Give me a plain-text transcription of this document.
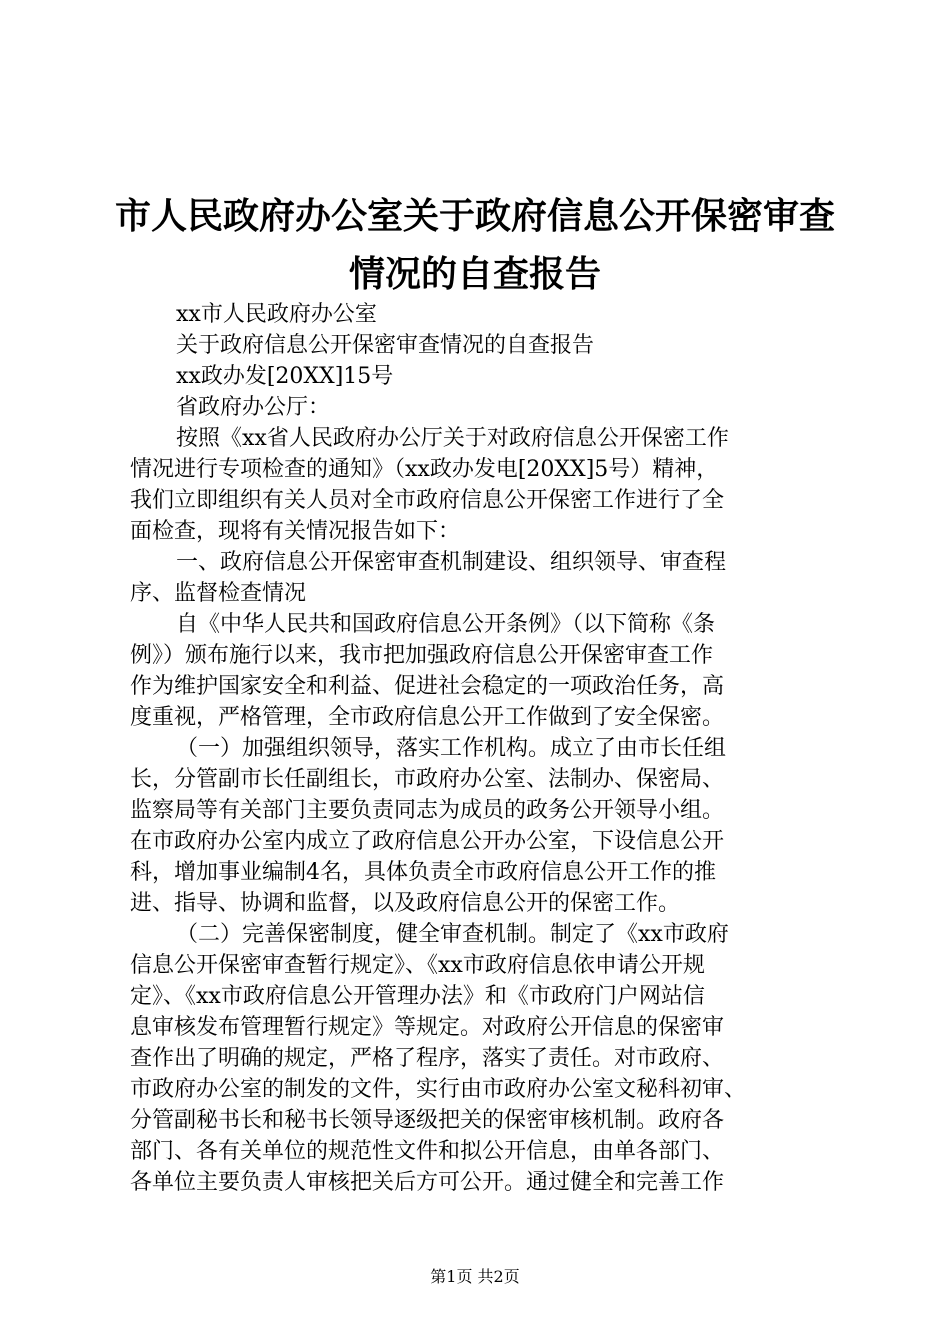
市人民政府办公室关于政府信息公开保密审查
情况的自查报告
xx市人民政府办公室
关于政府信息公开保密审查情况的自查报告
xx政办发[20XX]15号
省政府办公厅：
按照《xx省人民政府办公厅关于对政府信息公开保密工作
情况进行专项检查的通知》（xx政办发电[20XX]5号）精神，
我们立即组织有关人员对全市政府信息公开保密工作进行了全
面检查，现将有关情况报告如下：
一、政府信息公开保密审查机制建设、组织领导、审查程
序、监督检查情况
自《中华人民共和国政府信息公开条例》（以下简称《条
例》）颁布施行以来，我市把加强政府信息公开保密审查工作
作为维护国家安全和利益、促进社会稳定的一项政治任务，高
度重视，严格管理，全市政府信息公开工作做到了安全保密。
（一）加强组织领导，落实工作机构。成立了由市长任组
长，分管副市长任副组长，市政府办公室、法制办、保密局、
监察局等有关部门主要负责同志为成员的政务公开领导小组。
在市政府办公室内成立了政府信息公开办公室，下设信息公开
科，增加事业编制4名，具体负责全市政府信息公开工作的推
进、指导、协调和监督，以及政府信息公开的保密工作。
（二）完善保密制度，健全审查机制。制定了《xx市政府
信息公开保密审查暂行规定》、《xx市政府信息依申请公开规
定》、《xx市政府信息公开管理办法》和《市政府门户网站信
息审核发布管理暂行规定》等规定。对政府公开信息的保密审
查作出了明确的规定，严格了程序，落实了责任。对市政府、
市政府办公室的制发的文件，实行由市政府办公室文秘科初审、
分管副秘书长和秘书长领导逐级把关的保密审核机制。政府各
部门、各有关单位的规范性文件和拟公开信息，由单各部门、
各单位主要负责人审核把关后方可公开。通过健全和完善工作
第1页 共2页
